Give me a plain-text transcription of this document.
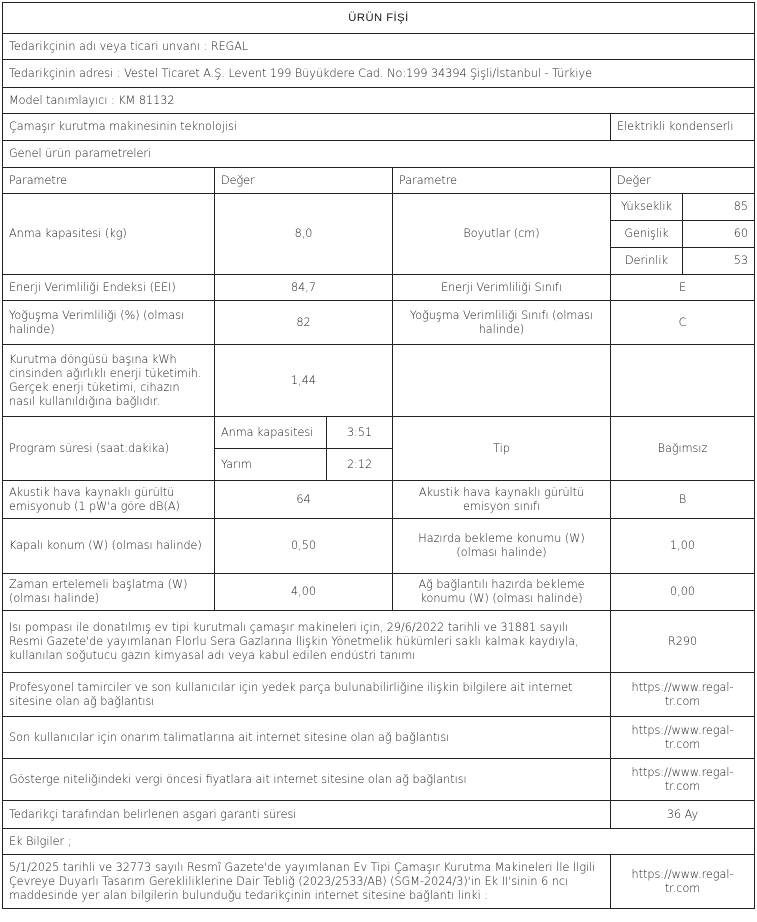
ÜRÜN FİŞİ					
Tedarikçinin adı veya ticari unvanı : REGAL					
Tedarikçinin adresi : Vestel Ticaret A.Ş. Levent 199 Büyükdere Cad. No:199 34394 Şişli/İstanbul - Türkiye					
Model tanımlayıcı : KM 81132					
Çamaşır kurutma makinesinin teknolojisi				Elektrikli kondenserli	
Genel ürün parametreleri					
Parametre	Değer		Parametre	Değer	
Anma kapasitesi (kg)	8,0		Boyutlar (cm)	Yükseklik	85
				Genişlik	60
				Derinlik	53
Enerji Verimliliği Endeksi (EEI)	84,7		Enerji Verimliliği Sınıfı	E	
Yoğuşma Verimliliği (%) (olması halinde)	82		Yoğuşma Verimliliği Sınıfı (olması halinde)	C	
Kurutma döngüsü başına kWh cinsinden ağırlıklı enerji tüketimih. Gerçek enerji tüketimi, cihazın nasıl kullanıldığına bağlıdır.	1,44				
Program süresi (saat:dakika)	Anma kapasitesi	3:51	Tip	Bağımsız	
	Yarım	2:12			
Akustik hava kaynaklı gürültü emisyonub (1 pW'a göre dB(A)	64		Akustik hava kaynaklı gürültü emisyon sınıfı	B	
Kapalı konum (W) (olması halinde)	0,50		Hazırda bekleme konumu (W) (olması halinde)	1,00	
Zaman ertelemeli başlatma (W) (olması halinde)	4,00		Ağ bağlantılı hazırda bekleme konumu (W) (olması halinde)	0,00	
Isı pompası ile donatılmış ev tipi kurutmalı çamaşır makineleri için, 29/6/2022 tarihli ve 31881 sayılı Resmi Gazete'de yayımlanan Florlu Sera Gazlarına İlişkin Yönetmelik hükümleri saklı kalmak kaydıyla, kullanılan soğutucu gazın kimyasal adı veya kabul edilen endüstri tanımı				R290	
Profesyonel tamirciler ve son kullanıcılar için yedek parça bulunabilirliğine ilişkin bilgilere ait internet sitesine olan ağ bağlantısı				https://www.regal-tr.com	
Son kullanıcılar için onarım talimatlarına ait internet sitesine olan ağ bağlantısı				https://www.regal-tr.com	
Gösterge niteliğindeki vergi öncesi fiyatlara ait internet sitesine olan ağ bağlantısı				https://www.regal-tr.com	
Tedarikçi tarafından belirlenen asgari garanti süresi				36 Ay	
Ek Bilgiler ;					
5/1/2025 tarihli ve 32773 sayılı Resmî Gazete'de yayımlanan Ev Tipi Çamaşır Kurutma Makineleri İle İlgili Çevreye Duyarlı Tasarım Gerekliliklerine Dair Tebliğ (2023/2533/AB) (SGM-2024/3)'in Ek II'sinin 6 ncı maddesinde yer alan bilgilerin bulunduğu tedarikçinin internet sitesine bağlantı linki :				https://www.regal-tr.com	
